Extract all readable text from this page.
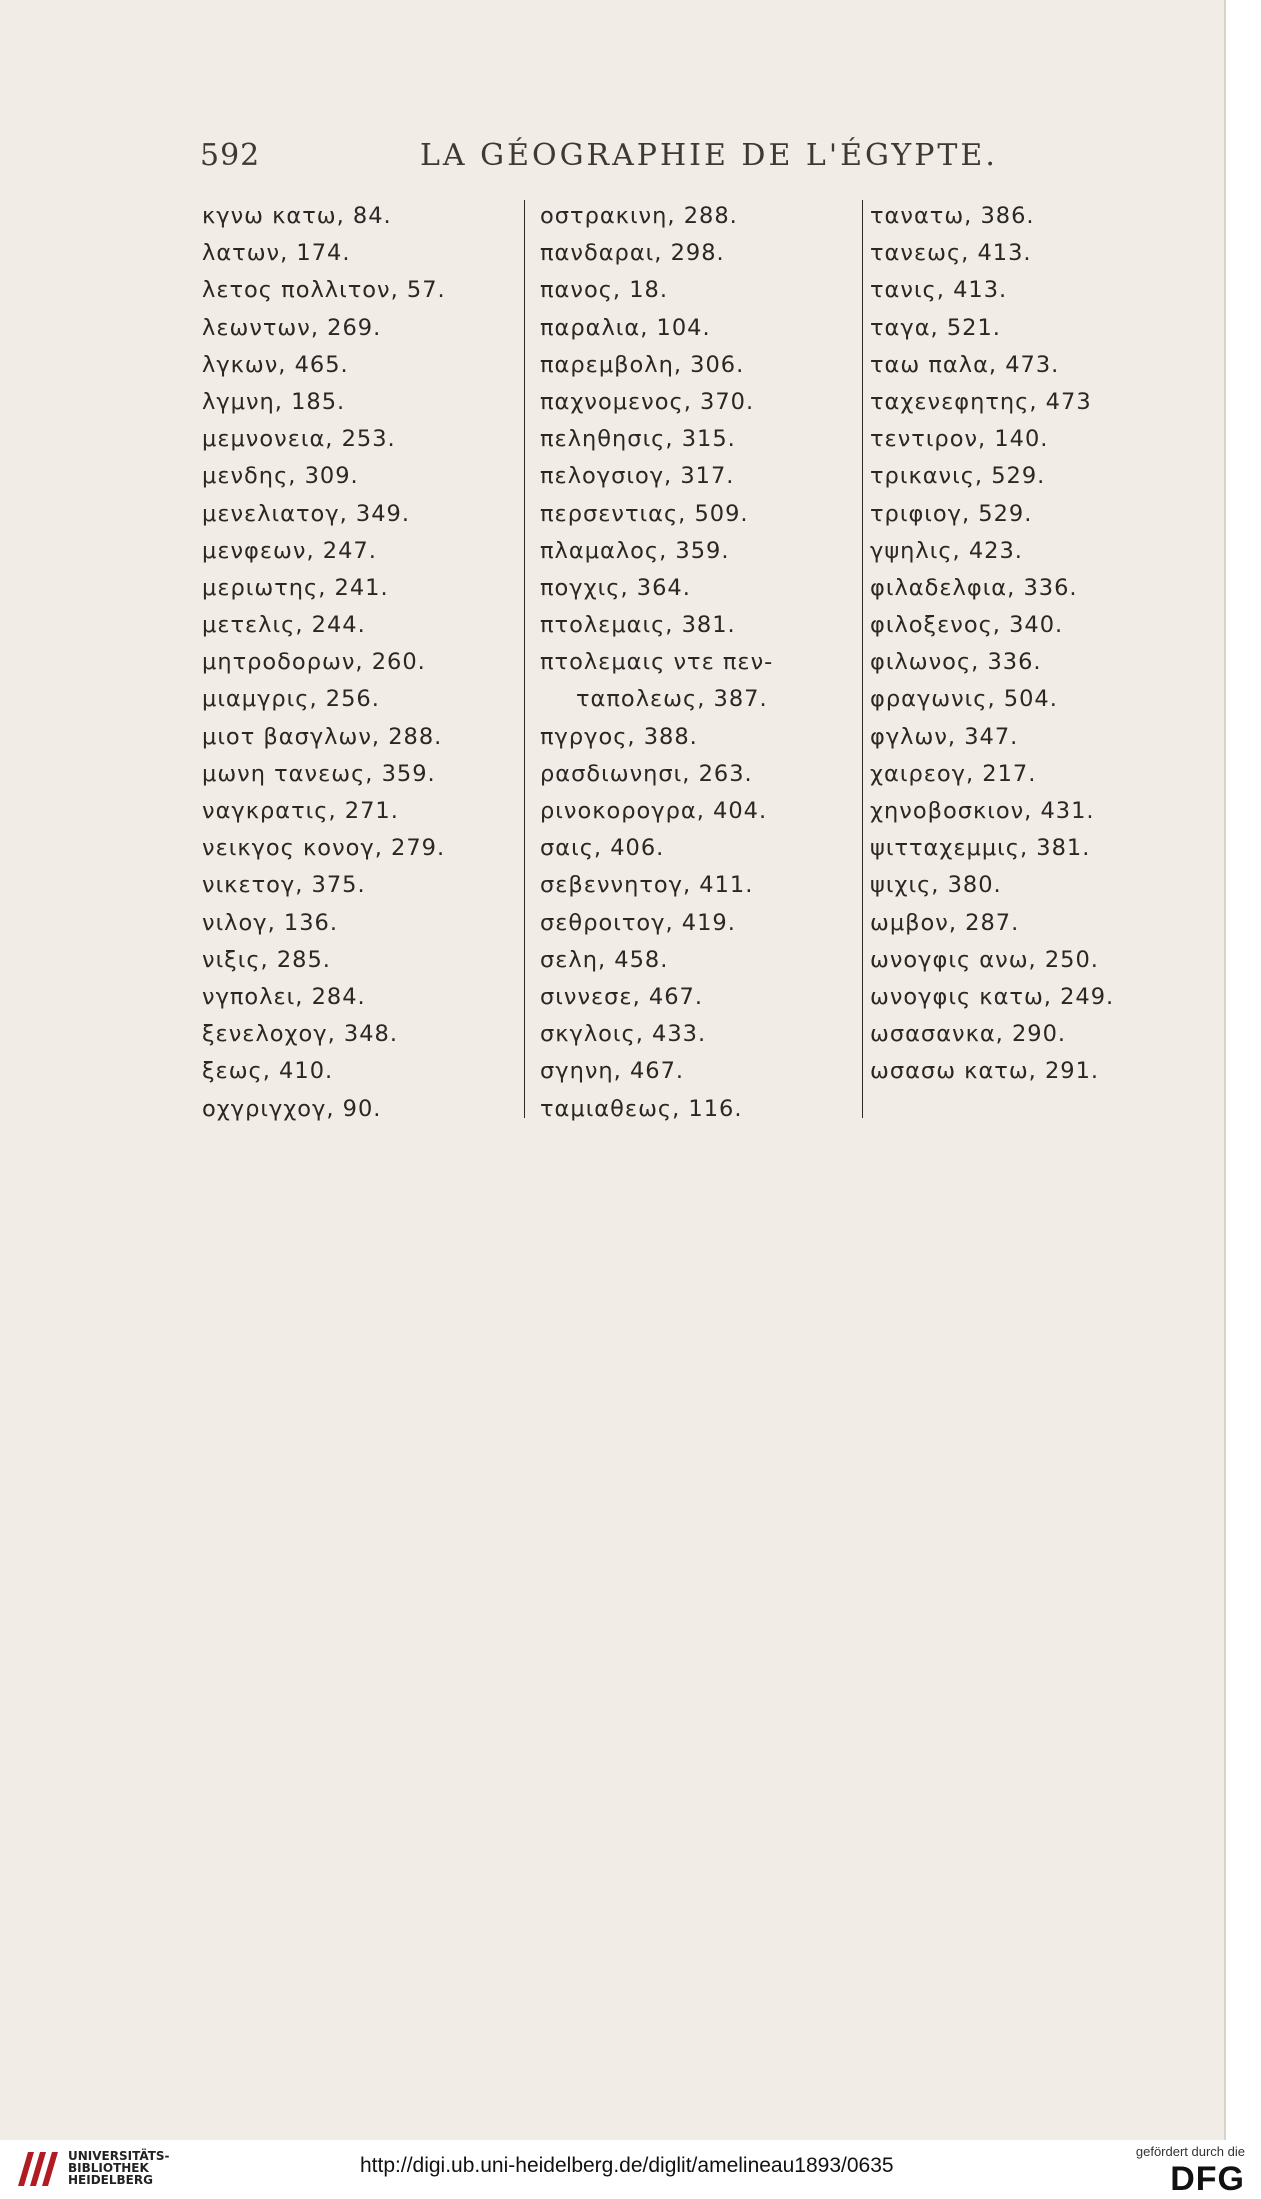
592	LA GÉOGRAPHIE DE L'ÉGYPTE.
κγνω κατω, 84.
λατων, 174.
λετος πολλιτον, 57.
λεωντων, 269.
λγκων, 465.
λγμνη, 185.
μεμνονεια, 253.
μενδης, 309.
μενελιατογ, 349.
μενφεων, 247.
μεριωτης, 241.
μετελις, 244.
μητροδορων, 260.
μιαμγρις, 256.
μιοτ βασγλων, 288.
μωνη τανεως, 359.
ναγκρατις, 271.
νεικγος κονογ, 279.
νικετογ, 375.
νιλογ, 136.
νιξις, 285.
νγπολει, 284.
ξενελοχογ, 348.
ξεως, 410.
οχγριγχογ, 90.
οστρακινη, 288.
πανδαραι, 298.
πανος, 18.
παραλια, 104.
παρεμβολη, 306.
παχνομενος, 370.
πεληθησις, 315.
πελογσιογ, 317.
περσεντιας, 509.
πλαμαλος, 359.
πογχις, 364.
πτολεμαις, 381.
πτολεμαις ντε πεν-
ταπολεως, 387.
πγργος, 388.
ρασδιωνησι, 263.
ρινοκορογρα, 404.
σαις, 406.
σεβεννητογ, 411.
σεθροιτογ, 419.
σελη, 458.
σιννεσε, 467.
σκγλοις, 433.
σγηνη, 467.
ταμιαθεως, 116.
τανατω, 386.
τανεως, 413.
τανις, 413.
ταγα, 521.
ταω παλα, 473.
ταχενεφητης, 473
τεντιρον, 140.
τρικανις, 529.
τριφιογ, 529.
γψηλις, 423.
φιλαδελφια, 336.
φιλοξενος, 340.
φιλωνος, 336.
φραγωνις, 504.
φγλων, 347.
χαιρεογ, 217.
χηνοβοσκιον, 431.
ψιτταχεμμις, 381.
ψιχις, 380.
ωμβον, 287.
ωνογφις ανω, 250.
ωνογφις κατω, 249.
ωσασανκα, 290.
ωσασω κατω, 291.
UNIVERSITÄTS-
BIBLIOTHEK
HEIDELBERG
http://digi.ub.uni-heidelberg.de/diglit/amelineau1893/0635
gefördert durch die
DFG
